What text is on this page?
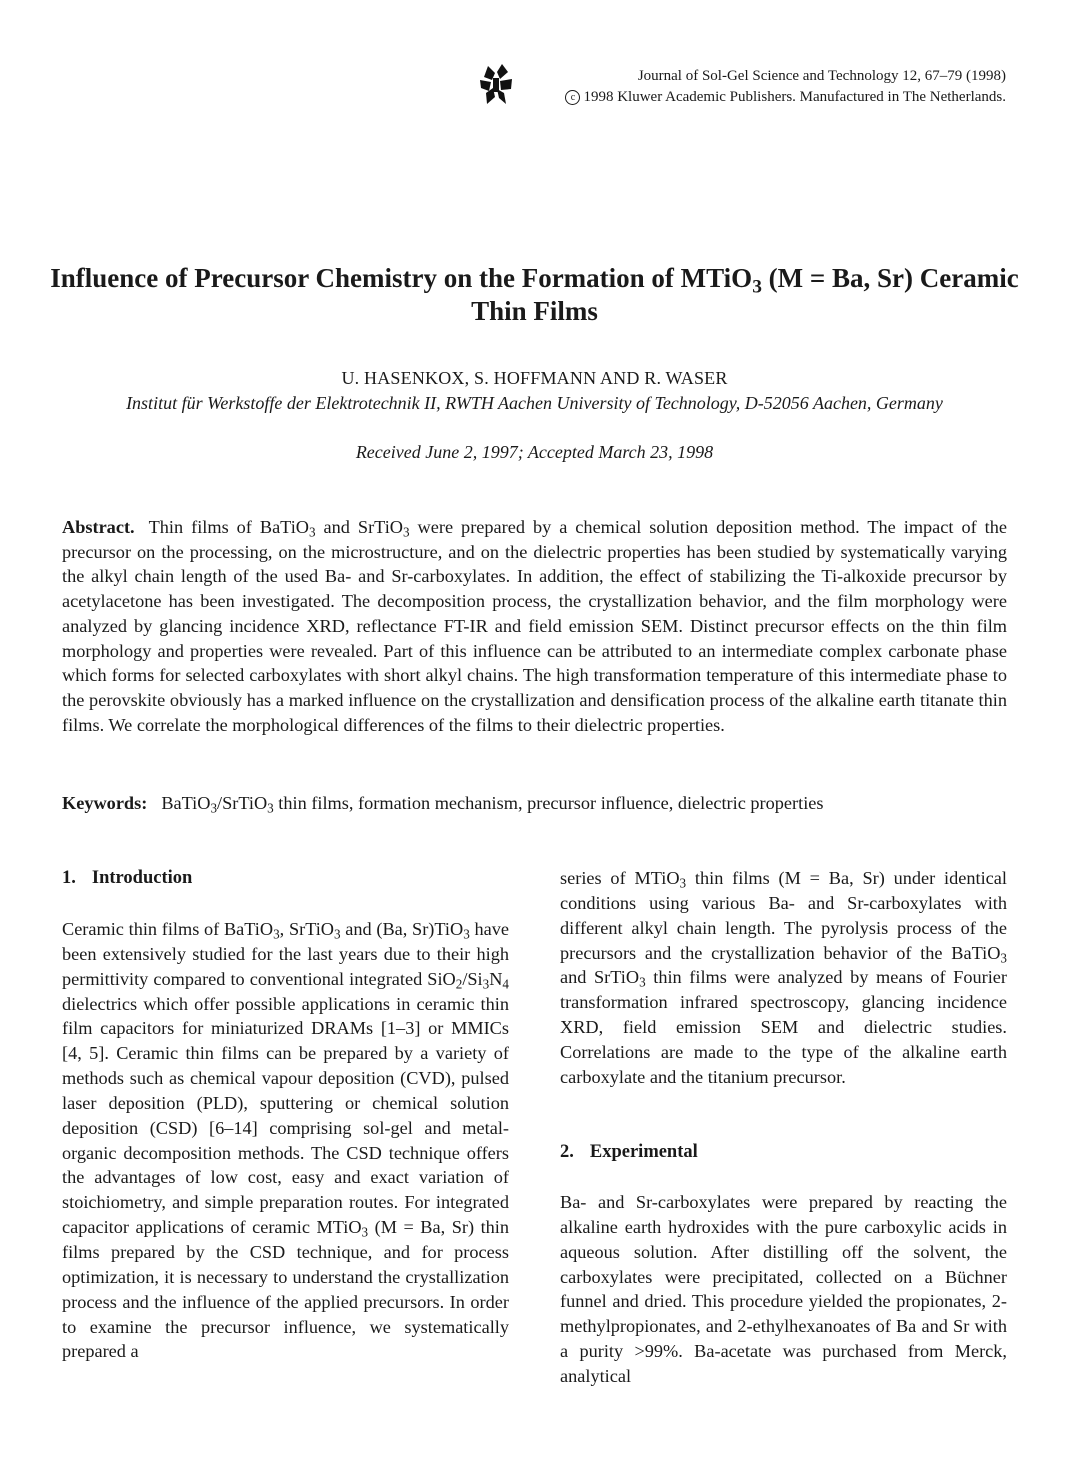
Journal of Sol-Gel Science and Technology 12, 67–79 (1998)
c 1998 Kluwer Academic Publishers. Manufactured in The Netherlands.
Influence of Precursor Chemistry on the Formation of MTiO$_3$ (M = Ba, Sr) Ceramic Thin Films
U. HASENKOX, S. HOFFMANN AND R. WASER
Institut für Werkstoffe der Elektrotechnik II, RWTH Aachen University of Technology, D-52056 Aachen, Germany
Received June 2, 1997; Accepted March 23, 1998

Abstract. Thin films of BaTiO$_3$ and SrTiO$_3$ were prepared by a chemical solution deposition method. The impact of the precursor on the processing, on the microstructure, and on the dielectric properties has been studied by systematically varying the alkyl chain length of the used Ba- and Sr-carboxylates. In addition, the effect of stabilizing the Ti-alkoxide precursor by acetylacetone has been investigated. The decomposition process, the crystallization behavior, and the film morphology were analyzed by glancing incidence XRD, reflectance FT-IR and field emission SEM. Distinct precursor effects on the thin film morphology and properties were revealed. Part of this influence can be attributed to an intermediate complex carbonate phase which forms for selected carboxylates with short alkyl chains. The high transformation temperature of this intermediate phase to the perovskite obviously has a marked influence on the crystallization and densification process of the alkaline earth titanate thin films. We correlate the morphological differences of the films to their dielectric properties.

Keywords: BaTiO$_3$/SrTiO$_3$ thin films, formation mechanism, precursor influence, dielectric properties

1. Introduction

Ceramic thin films of BaTiO$_3$, SrTiO$_3$ and (Ba, Sr)TiO$_3$ have been extensively studied for the last years due to their high permittivity compared to conventional integrated $SiO_2/Si_3N_4$ dielectrics which offer possible applications in ceramic thin film capacitors for miniaturized DRAMs [1–3] or MMICs [4, 5]. Ceramic thin films can be prepared by a variety of methods such as chemical vapour deposition (CVD), pulsed laser deposition (PLD), sputtering or chemical solution deposition (CSD) [6–14] comprising sol-gel and metal-organic decomposition methods. The CSD technique offers the advantages of low cost, easy and exact variation of stoichiometry, and simple preparation routes. For integrated capacitor applications of ceramic MTiO$_3$ (M = Ba, Sr) thin films prepared by the CSD technique, and for process optimization, it is necessary to understand the crystallization process and the influence of the applied precursors. In order to examine the precursor influence, we systematically prepared a

series of MTiO$_3$ thin films (M = Ba, Sr) under identical conditions using various Ba- and Sr-carboxylates with different alkyl chain length. The pyrolysis process of the precursors and the crystallization behavior of the BaTiO$_3$ and SrTiO$_3$ thin films were analyzed by means of Fourier transformation infrared spectroscopy, glancing incidence XRD, field emission SEM and dielectric studies. Correlations are made to the type of the alkaline earth carboxylate and the titanium precursor.

2. Experimental

Ba- and Sr-carboxylates were prepared by reacting the alkaline earth hydroxides with the pure carboxylic acids in aqueous solution. After distilling off the solvent, the carboxylates were precipitated, collected on a Büchner funnel and dried. This procedure yielded the propionates, 2-methylpropionates, and 2-ethylhexanoates of Ba and Sr with a purity >99%. Ba-acetate was purchased from Merck, analytical
